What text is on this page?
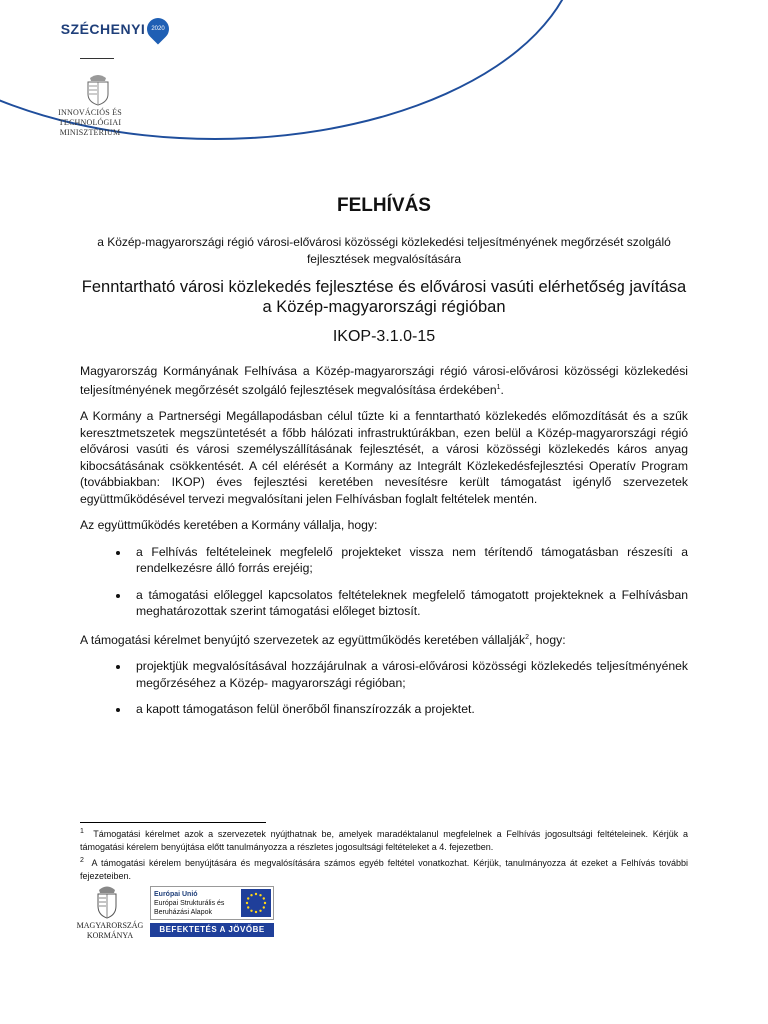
SZÉCHENYI	2020
INNOVÁCIÓS ÉS TECHNOLÓGIAI MINISZTÉRIUM
FELHÍVÁS
a Közép-magyarországi régió városi-elővárosi közösségi közlekedési teljesítményének megőrzését szolgáló fejlesztések megvalósítására
Fenntartható városi közlekedés fejlesztése és elővárosi vasúti elérhetőség javítása a Közép-magyarországi régióban
IKOP-3.1.0-15

Magyarország Kormányának Felhívása a Közép-magyarországi régió városi-elővárosi közösségi közlekedési teljesítményének megőrzését szolgáló fejlesztések megvalósítása érdekében$^1$.

A Kormány a Partnerségi Megállapodásban célul tűzte ki a fenntartható közlekedés előmozdítását és a szűk keresztmetszetek megszüntetését a főbb hálózati infrastruktúrákban, ezen belül a Közép-magyarországi régió elővárosi vasúti és városi személyszállításának fejlesztését, a városi közösségi közlekedés káros anyag kibocsátásának csökkentését. A cél elérését a Kormány az Integrált Közlekedésfejlesztési Operatív Program (továbbiakban: IKOP) éves fejlesztési keretében nevesítésre került támogatást igénylő szervezetek együttműködésével tervezi megvalósítani jelen Felhívásban foglalt feltételek mentén.

Az együttműködés keretében a Kormány vállalja, hogy:

• a Felhívás feltételeinek megfelelő projekteket vissza nem térítendő támogatásban részesíti a rendelkezésre álló forrás erejéig;
• a támogatási előleggel kapcsolatos feltételeknek megfelelő támogatott projekteknek a Felhívásban meghatározottak szerint támogatási előleget biztosít.

A támogatási kérelmet benyújtó szervezetek az együttműködés keretében vállalják$^2$, hogy:

• projektjük megvalósításával hozzájárulnak a városi-elővárosi közösségi közlekedés teljesítményének megőrzéséhez a Közép- magyarországi régióban;
• a kapott támogatáson felül önerőből finanszírozzák a projektet.
$^1$ Támogatási kérelmet azok a szervezetek nyújthatnak be, amelyek maradéktalanul megfelelnek a Felhívás jogosultsági feltételeinek. Kérjük a támogatási kérelem benyújtása előtt tanulmányozza a részletes jogosultsági feltételeket a 4. fejezetben.
$^2$ A támogatási kérelem benyújtására és megvalósítására számos egyéb feltétel vonatkozhat. Kérjük, tanulmányozza át ezeket a Felhívás további fejezeteiben.
MAGYARORSZÁG KORMÁNYA
Európai Unió
Európai Strukturális és Beruházási Alapok
BEFEKTETÉS A JÖVŐBE
